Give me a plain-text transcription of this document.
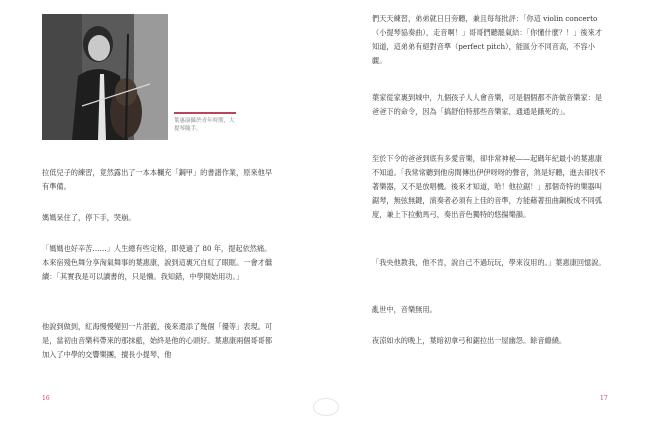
葉惠康攝於青年時期，大提琴隨手。

拉低兒子的練習，竟然露出了一本本欄充「鋼甲」的書譜作業，原來他早有準備。

媽媽呆住了，停下手，哭崩。

「媽媽也好辛苦……」人生總有些定格，即使過了 80 年，提起依然痛。本來宿殘色舞分享洶氣舞事的葉惠康，說到這裏冗自紅了眼眶。一會才繼續：「其實我是可以讀書的，只是懶。我知錯，中學開始用功。」

他說到做到，紅海慢慢變回一片湛藍，後來還添了幾個「優等」表現。可是，當初由音樂科帶來的那抹藍，始終是他的心頭好。葉惠康兩個哥哥都加入了中學的交響樂團，擅長小提琴，他

16

們天天練習，弟弟就日日旁聽，兼且每每批評：「你這 violin concerto（小提琴協奏曲），走音啊！」哥哥們聽罷氣結：「你懂什麼？！」後來才知道，這弟弟有絕對音準（perfect pitch），能區分不同音高，不容小覷。

葉家從家裏到城中，九個孩子人人會音樂，可是個個都不許做音樂家：是爸爸下的命令，因為「搞舒伯特那些音樂家，通通是餓死的」。

至於下令的爸爸到底有多愛音樂，卻非常神秘——起碼年紀最小的葉惠康不知道。「我常常聽到他房間傳出伊伊呀呀的聲音，煞是好聽，進去卻找不著樂器，又不是放唱機。後來才知道，哈！他拉鋸！」那個奇特的樂器叫鋸琴，無弦無鍵，演奏者必須有上佳的音準，方能藉著扭曲鋼板成不同弧度，兼上下拉動馬弓，奏出音色獨特的悠揚樂韻。

「我央他教我，他不肯，說自己不過玩玩，學來沒用的。」葉惠康回憶說。

亂世中，音樂無用。

夜涼如水的晚上，葉暗初拿弓和鋸拉出一屋幽怨。餘音繚繞。

17
